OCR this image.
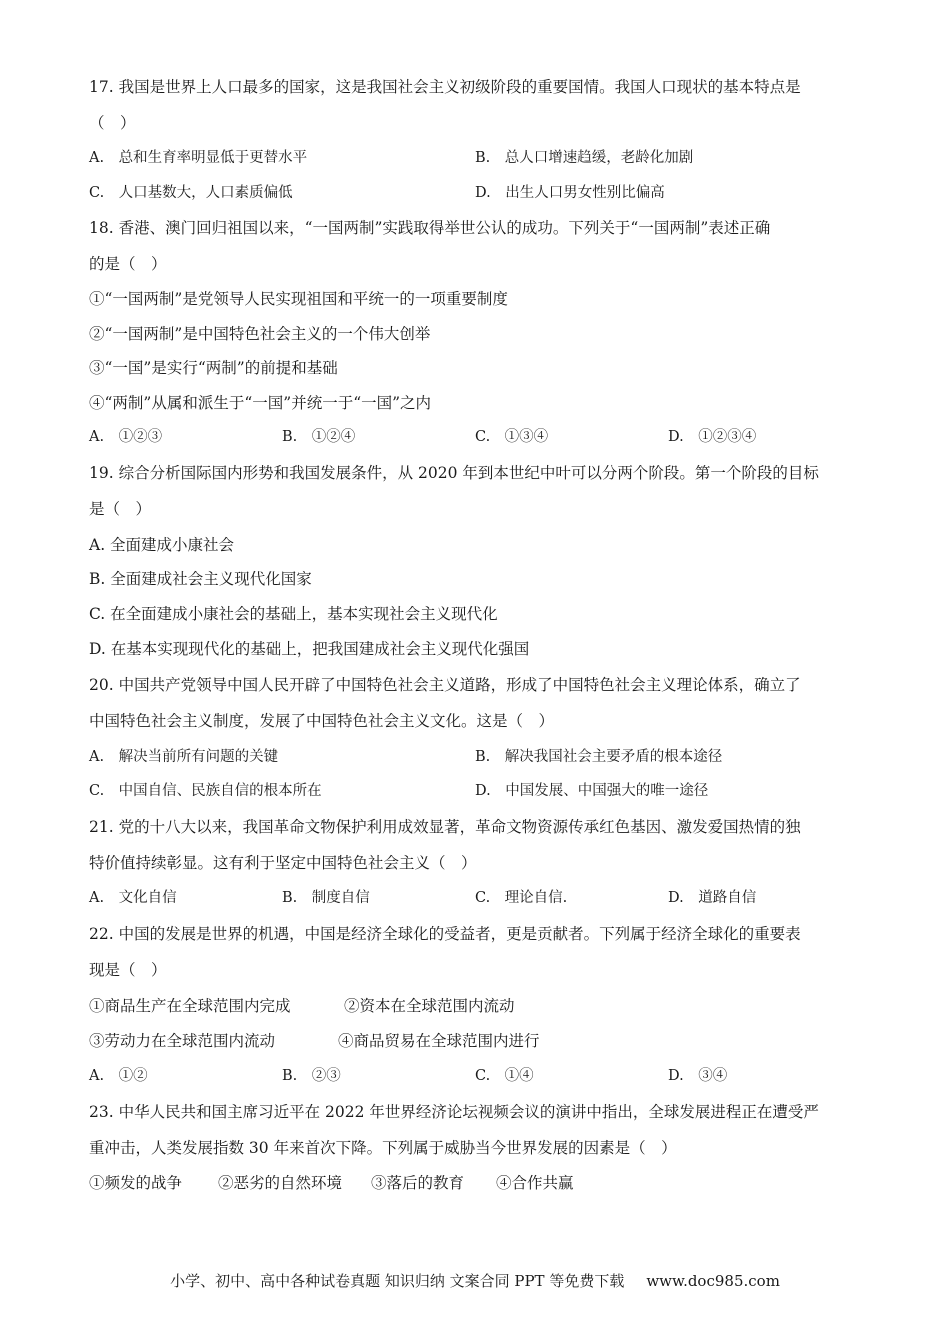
17. 我国是世界上人口最多的国家，这是我国社会主义初级阶段的重要国情。我国人口现状的基本特点是
（　）
A.　总和生育率明显低于更替水平	B.　总人口增速趋缓，老龄化加剧
C.　人口基数大，人口素质偏低	D.　出生人口男女性别比偏高
18. 香港、澳门回归祖国以来，“一国两制”实践取得举世公认的成功。下列关于“一国两制”表述正确
的是（　）
①“一国两制”是党领导人民实现祖国和平统一的一项重要制度
②“一国两制”是中国特色社会主义的一个伟大创举
③“一国”是实行“两制”的前提和基础
④“两制”从属和派生于“一国”并统一于“一国”之内
A.　①②③	B.　①②④	C.　①③④	D.　①②③④
19. 综合分析国际国内形势和我国发展条件，从 2020 年到本世纪中叶可以分两个阶段。第一个阶段的目标
是（　）
A. 全面建成小康社会
B. 全面建成社会主义现代化国家
C. 在全面建成小康社会的基础上，基本实现社会主义现代化
D. 在基本实现现代化的基础上，把我国建成社会主义现代化强国
20. 中国共产党领导中国人民开辟了中国特色社会主义道路，形成了中国特色社会主义理论体系，确立了
中国特色社会主义制度，发展了中国特色社会主义文化。这是（　）
A.　解决当前所有问题的关键	B.　解决我国社会主要矛盾的根本途径
C.　中国自信、民族自信的根本所在	D.　中国发展、中国强大的唯一途径
21. 党的十八大以来，我国革命文物保护利用成效显著，革命文物资源传承红色基因、激发爱国热情的独
特价值持续彰显。这有利于坚定中国特色社会主义（　）
A.　文化自信	B.　制度自信	C.　理论自信.	D.　道路自信
22. 中国的发展是世界的机遇，中国是经济全球化的受益者，更是贡献者。下列属于经济全球化的重要表
现是（　）
①商品生产在全球范围内完成	②资本在全球范围内流动
③劳动力在全球范围内流动	④商品贸易在全球范围内进行
A.　①②	B.　②③	C.　①④	D.　③④
23. 中华人民共和国主席习近平在 2022 年世界经济论坛视频会议的演讲中指出，全球发展进程正在遭受严
重冲击，人类发展指数 30 年来首次下降。下列属于威胁当今世界发展的因素是（　）
①频发的战争 ②恶劣的自然环境 ③落后的教育 ④合作共赢
小学、初中、高中各种试卷真题 知识归纳 文案合同 PPT 等免费下载 www.doc985.com
